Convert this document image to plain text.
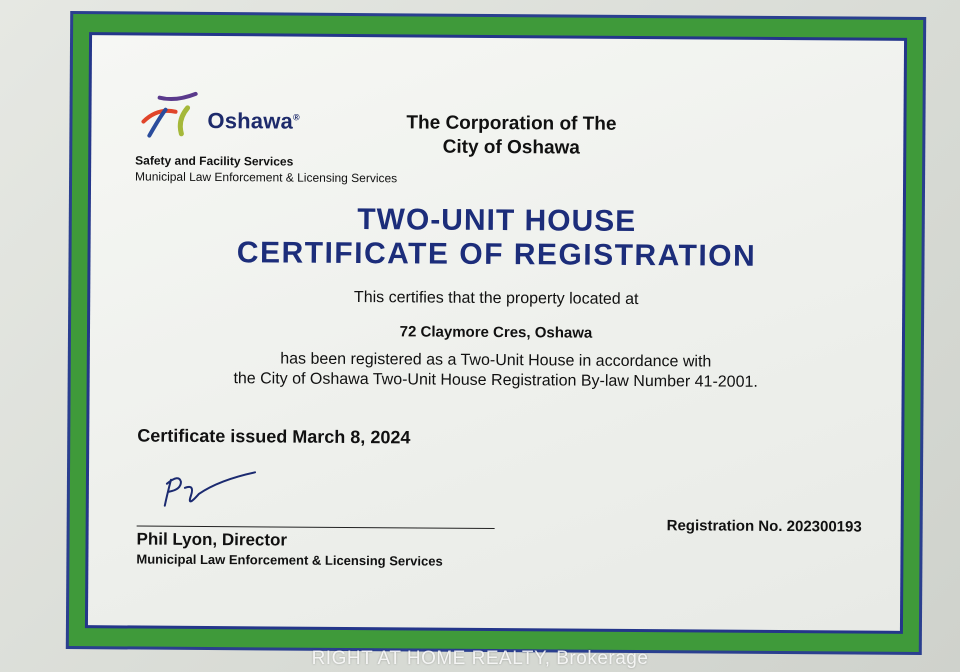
Oshawa®
Safety and Facility Services
Municipal Law Enforcement & Licensing Services
The Corporation of The
City of Oshawa
TWO-UNIT HOUSE
CERTIFICATE OF REGISTRATION
This certifies that the property located at
72 Claymore Cres, Oshawa
has been registered as a Two-Unit House in accordance with
the City of Oshawa Two-Unit House Registration By-law Number 41-2001.
Certificate issued March 8, 2024
Phil Lyon, Director
Municipal Law Enforcement & Licensing Services
Registration No. 202300193
RIGHT AT HOME REALTY, Brokerage
